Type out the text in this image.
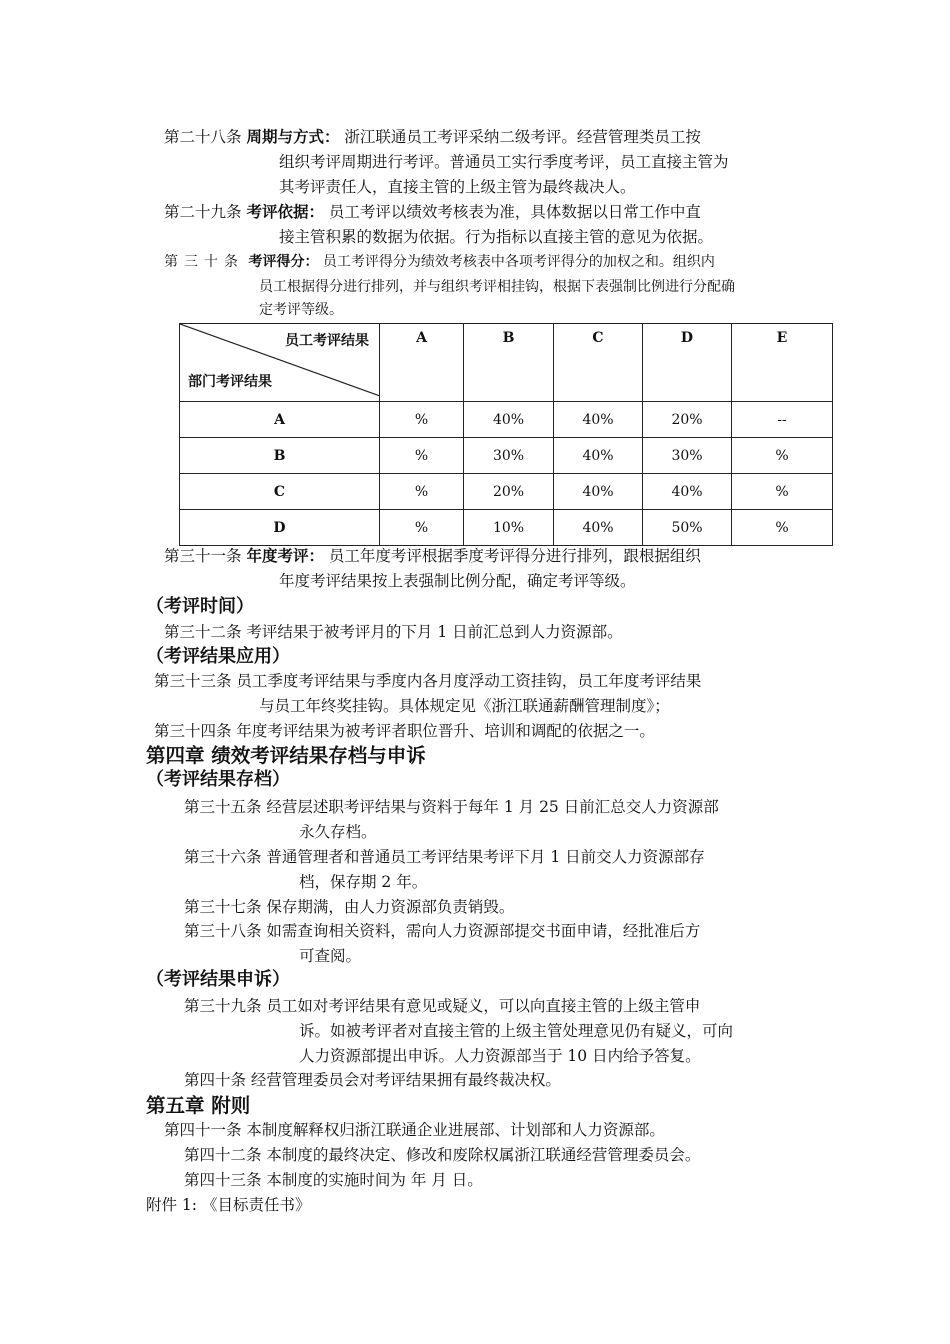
第二十八条 周期与方式： 浙江联通员工考评采纳二级考评。经营管理类员工按
组织考评周期进行考评。普通员工实行季度考评，员工直接主管为
其考评责任人，直接主管的上级主管为最终裁决人。
第二十九条 考评依据： 员工考评以绩效考核表为准，具体数据以日常工作中直
接主管积累的数据为依据。行为指标以直接主管的意见为依据。
第三十条 考评得分： 员工考评得分为绩效考核表中各项考评得分的加权之和。组织内
员工根据得分进行排列，并与组织考评相挂钩，根据下表强制比例进行分配确
定考评等级。
员工考评结果
部门考评结果	A	B	C	D	E
A	%	40%	40%	20%	--
B	%	30%	40%	30%	%
C	%	20%	40%	40%	%
D	%	10%	40%	50%	%
第三十一条 年度考评： 员工年度考评根据季度考评得分进行排列，跟根据组织
年度考评结果按上表强制比例分配，确定考评等级。
（考评时间）
第三十二条 考评结果于被考评月的下月 1 日前汇总到人力资源部。
（考评结果应用）
第三十三条 员工季度考评结果与季度内各月度浮动工资挂钩，员工年度考评结果
与员工年终奖挂钩。具体规定见《浙江联通薪酬管理制度》；
第三十四条 年度考评结果为被考评者职位晋升、培训和调配的依据之一。
第四章 绩效考评结果存档与申诉
（考评结果存档）
第三十五条 经营层述职考评结果与资料于每年 1 月 25 日前汇总交人力资源部
永久存档。
第三十六条 普通管理者和普通员工考评结果考评下月 1 日前交人力资源部存
档，保存期 2 年。
第三十七条 保存期满，由人力资源部负责销毁。
第三十八条 如需查询相关资料，需向人力资源部提交书面申请，经批准后方
可查阅。
（考评结果申诉）
第三十九条 员工如对考评结果有意见或疑义，可以向直接主管的上级主管申
诉。如被考评者对直接主管的上级主管处理意见仍有疑义，可向
人力资源部提出申诉。人力资源部当于 10 日内给予答复。
第四十条 经营管理委员会对考评结果拥有最终裁决权。
第五章 附则
第四十一条 本制度解释权归浙江联通企业进展部、计划部和人力资源部。
第四十二条 本制度的最终决定、修改和废除权属浙江联通经营管理委员会。
第四十三条 本制度的实施时间为 年 月 日。
附件 1: 《目标责任书》
